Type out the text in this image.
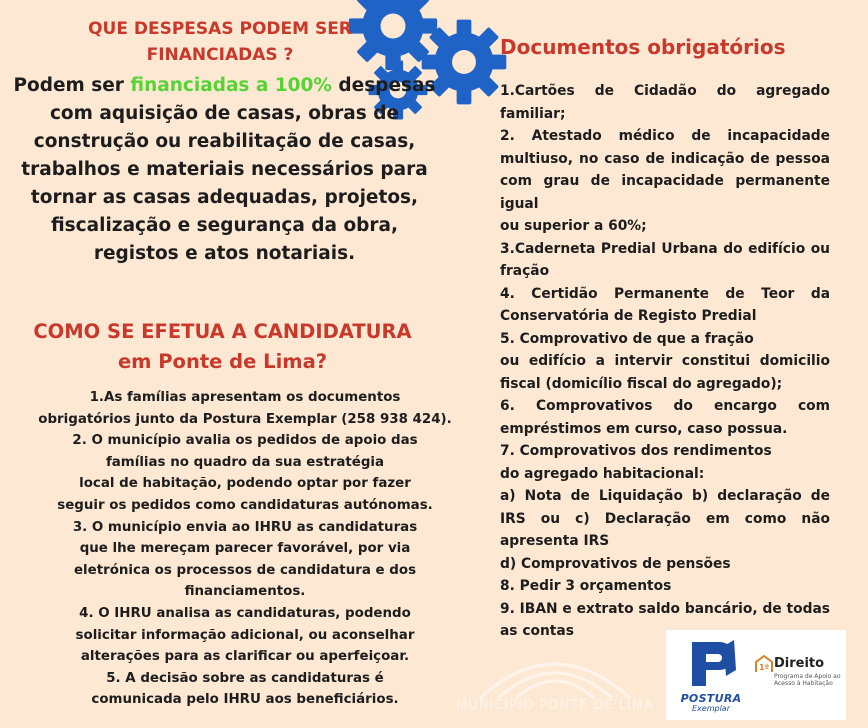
QUE DESPESAS PODEM SER FINANCIADAS ?
Podem ser financiadas a 100% despesas com aquisição de casas, obras de construção ou reabilitação de casas, trabalhos e materiais necessários para tornar as casas adequadas, projetos, fiscalização e segurança da obra, registos e atos notariais.
COMO SE EFETUA A CANDIDATURA
em Ponte de Lima?
1.As famílias apresentam os documentos
obrigatórios junto da Postura Exemplar (258 938 424).
2. O município avalia os pedidos de apoio das
famílias no quadro da sua estratégia
local de habitação, podendo optar por fazer
seguir os pedidos como candidaturas autónomas.
3. O município envia ao IHRU as candidaturas
que lhe mereçam parecer favorável, por via
eletrónica os processos de candidatura e dos
financiamentos.
4. O IHRU analisa as candidaturas, podendo
solicitar informação adicional, ou aconselhar
alterações para as clarificar ou aperfeiçoar.
5. A decisão sobre as candidaturas é
comunicada pelo IHRU aos beneficiários.
Documentos obrigatórios
1.Cartões de Cidadão do agregado familiar;
2. Atestado médico de incapacidade multiuso, no caso de indicação de pessoa com grau de incapacidade permanente igual
ou superior a 60%;
3.Caderneta Predial Urbana do edifício ou fração
4. Certidão Permanente de Teor da Conservatória de Registo Predial
5. Comprovativo de que a fração
ou edifício a intervir constitui domicilio fiscal (domicílio fiscal do agregado);
6. Comprovativos do encargo com empréstimos em curso, caso possua.
7. Comprovativos dos rendimentos
do agregado habitacional:
a) Nota de Liquidação b) declaração de IRS ou c) Declaração em como não apresenta IRS
d) Comprovativos de pensões
8. Pedir 3 orçamentos
9. IBAN e extrato saldo bancário, de todas as contas
MUNICÍPIO PONTE DE LIMA	POSTURA
Exemplar
1º Direito
Programa de Apoio ao Acesso à Habitação
